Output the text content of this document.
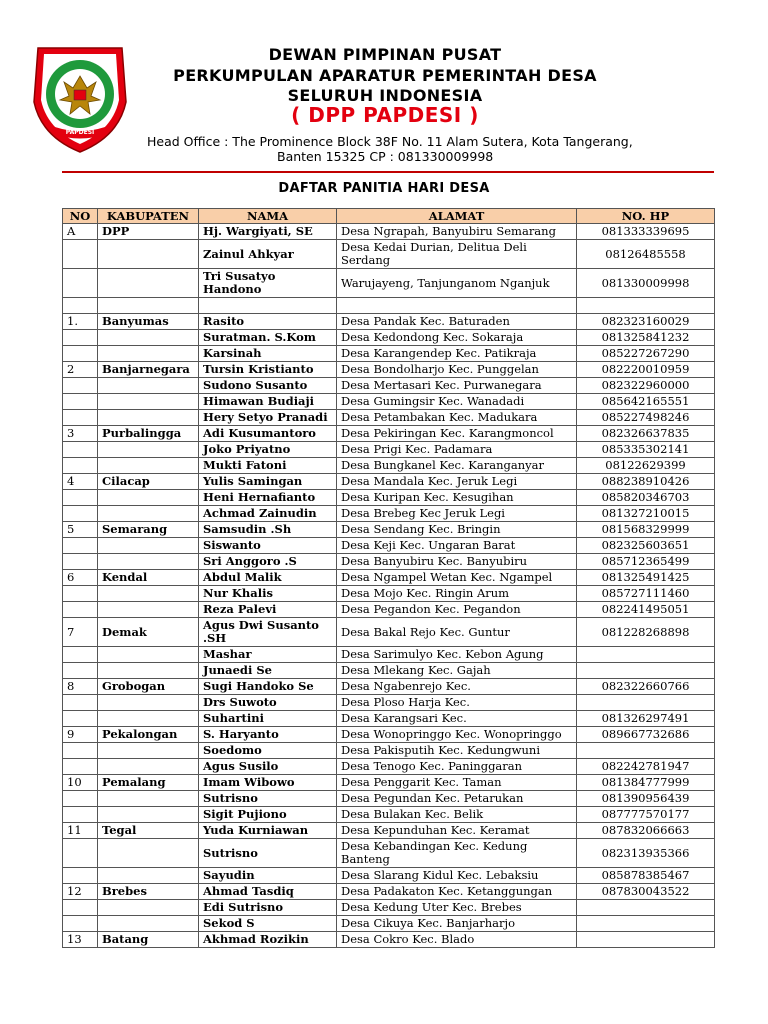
PAPDESI
DEWAN PIMPINAN PUSAT
PERKUMPULAN APARATUR PEMERINTAH DESA
SELURUH INDONESIA
( DPP PAPDESI )
Head Office : The Prominence Block 38F No. 11 Alam Sutera, Kota Tangerang,
Banten 15325 CP : 081330009998
DAFTAR PANITIA HARI DESA
NO	KABUPATEN	NAMA	ALAMAT	NO. HP
A	DPP	Hj. Wargiyati, SE	Desa Ngrapah, Banyubiru Semarang	081333339695
		Zainul Ahkyar	Desa Kedai Durian, Delitua Deli Serdang	08126485558
		Tri Susatyo Handono	Warujayeng, Tanjunganom Nganjuk	081330009998

1.	Banyumas	Rasito	Desa Pandak Kec. Baturaden	082323160029
		Suratman. S.Kom	Desa Kedondong Kec. Sokaraja	081325841232
		Karsinah	Desa Karangendep Kec. Patikraja	085227267290
2	Banjarnegara	Tursin Kristianto	Desa Bondolharjo Kec. Punggelan	082220010959
		Sudono Susanto	Desa Mertasari Kec. Purwanegara	082322960000
		Himawan Budiaji	Desa Gumingsir Kec. Wanadadi	085642165551
		Hery Setyo Pranadi	Desa Petambakan Kec. Madukara	085227498246
3	Purbalingga	Adi Kusumantoro	Desa Pekiringan Kec. Karangmoncol	082326637835
		Joko Priyatno	Desa Prigi Kec. Padamara	085335302141
		Mukti Fatoni	Desa Bungkanel Kec. Karanganyar	08122629399
4	Cilacap	Yulis Samingan	Desa Mandala Kec. Jeruk Legi	088238910426
		Heni Hernafianto	Desa Kuripan Kec. Kesugihan	085820346703
		Achmad Zainudin	Desa Brebeg Kec Jeruk Legi	081327210015
5	Semarang	Samsudin .Sh	Desa Sendang Kec. Bringin	081568329999
		Siswanto	Desa Keji Kec. Ungaran Barat	082325603651
		Sri Anggoro .S	Desa Banyubiru Kec. Banyubiru	085712365499
6	Kendal	Abdul Malik	Desa Ngampel Wetan Kec. Ngampel	081325491425
		Nur Khalis	Desa Mojo Kec. Ringin Arum	085727111460
		Reza Palevi	Desa Pegandon Kec. Pegandon	082241495051
7	Demak	Agus Dwi Susanto .SH	Desa Bakal Rejo Kec. Guntur	081228268898
		Mashar	Desa Sarimulyo Kec. Kebon Agung	
		Junaedi Se	Desa Mlekang Kec. Gajah	
8	Grobogan	Sugi Handoko Se	Desa Ngabenrejo Kec.	082322660766
		Drs Suwoto	Desa Ploso Harja Kec.	
		Suhartini	Desa Karangsari Kec.	081326297491
9	Pekalongan	S. Haryanto	Desa Wonopringgo Kec. Wonopringgo	089667732686
		Soedomo	Desa Pakisputih Kec. Kedungwuni	
		Agus Susilo	Desa Tenogo Kec. Paninggaran	082242781947
10	Pemalang	Imam Wibowo	Desa Penggarit Kec. Taman	081384777999
		Sutrisno	Desa Pegundan Kec. Petarukan	081390956439
		Sigit Pujiono	Desa Bulakan Kec. Belik	087777570177
11	Tegal	Yuda Kurniawan	Desa Kepunduhan Kec. Keramat	087832066663
		Sutrisno	Desa Kebandingan Kec. Kedung Banteng	082313935366
		Sayudin	Desa Slarang Kidul Kec. Lebaksiu	085878385467
12	Brebes	Ahmad Tasdiq	Desa Padakaton Kec. Ketanggungan	087830043522
		Edi Sutrisno	Desa Kedung Uter Kec. Brebes	
		Sekod S	Desa Cikuya Kec. Banjarharjo	
13	Batang	Akhmad Rozikin	Desa Cokro Kec. Blado	
